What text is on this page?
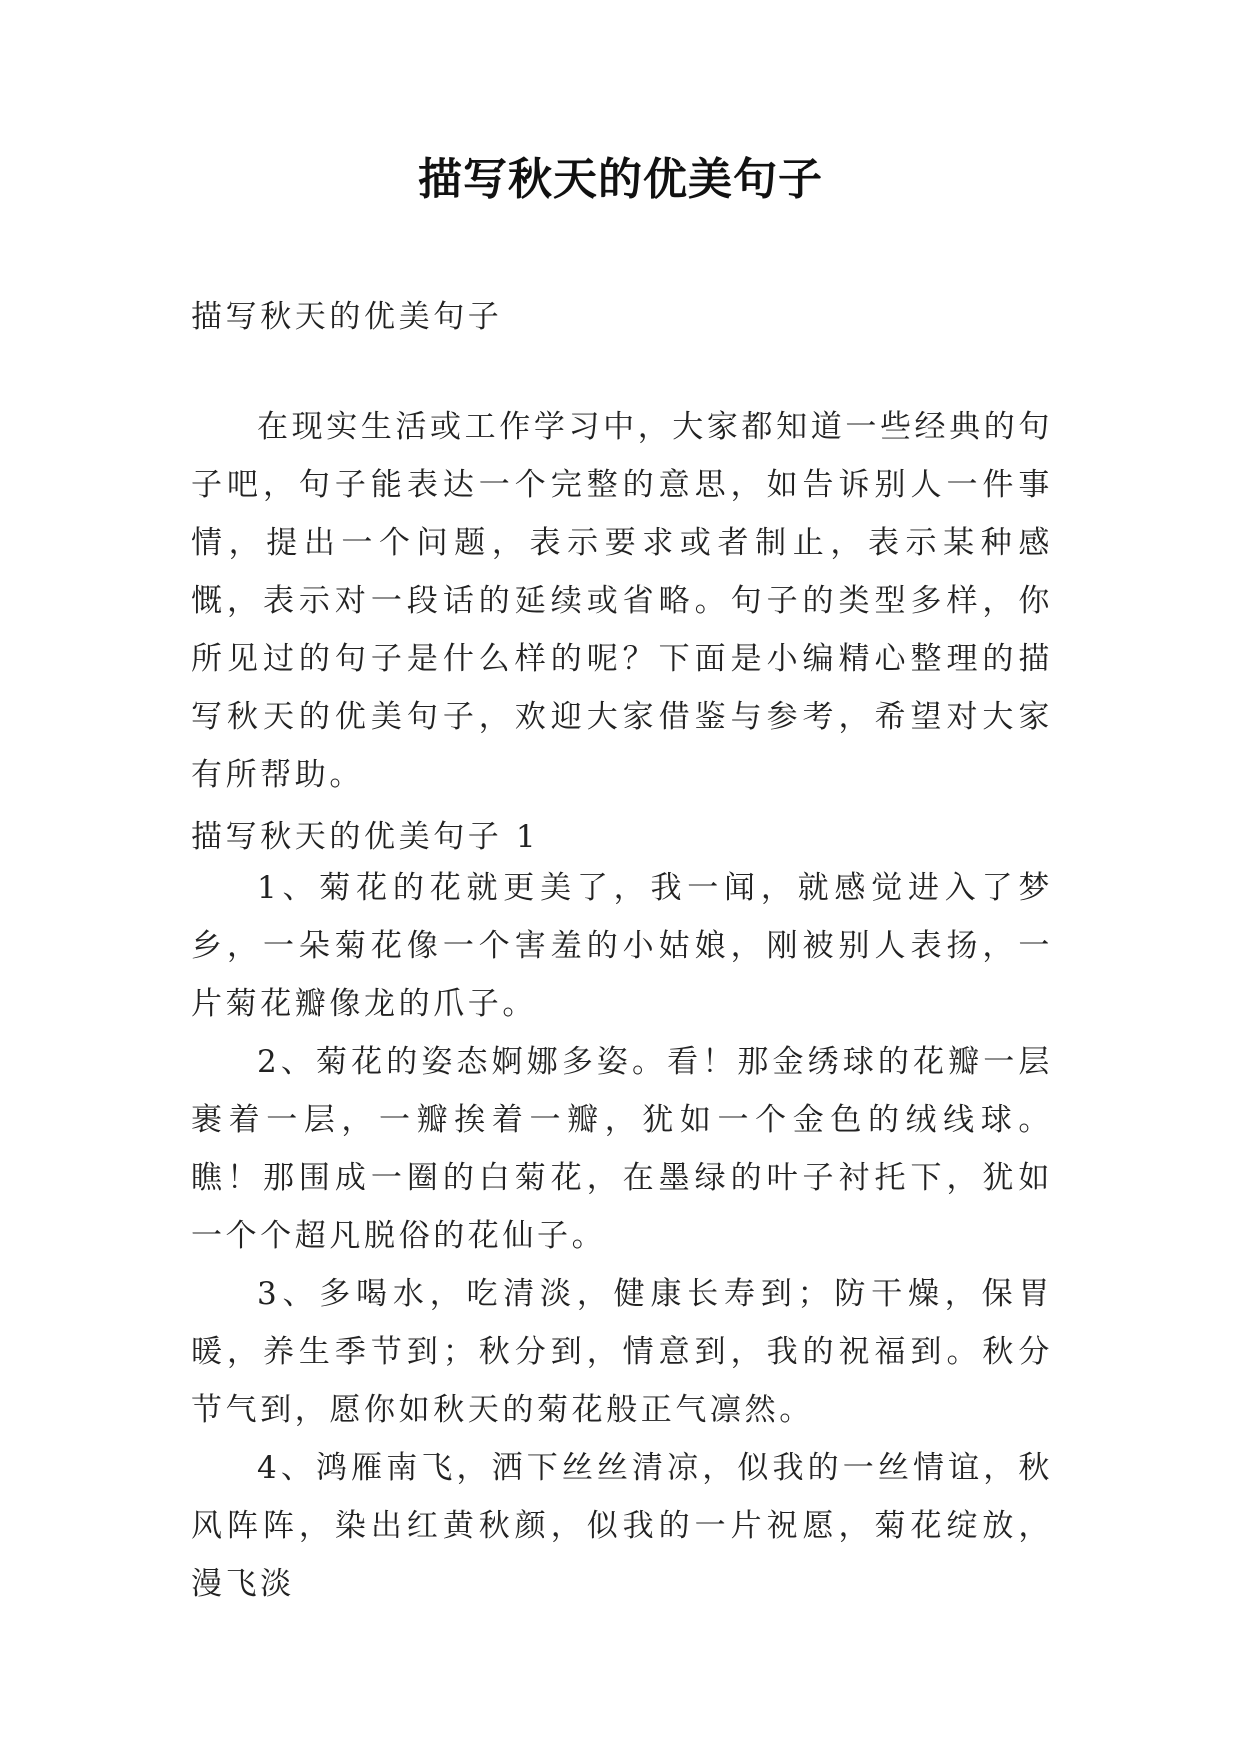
描写秋天的优美句子
描写秋天的优美句子
在现实生活或工作学习中，大家都知道一些经典的句子吧，句子能表达一个完整的意思，如告诉别人一件事情，提出一个问题，表示要求或者制止，表示某种感慨，表示对一段话的延续或省略。句子的类型多样，你所见过的句子是什么样的呢？下面是小编精心整理的描写秋天的优美句子，欢迎大家借鉴与参考，希望对大家有所帮助。
描写秋天的优美句子 1

1、菊花的花就更美了，我一闻，就感觉进入了梦乡，一朵菊花像一个害羞的小姑娘，刚被别人表扬，一片菊花瓣像龙的爪子。

2、菊花的姿态婀娜多姿。看！那金绣球的花瓣一层裹着一层，一瓣挨着一瓣，犹如一个金色的绒线球。瞧！那围成一圈的白菊花，在墨绿的叶子衬托下，犹如一个个超凡脱俗的花仙子。

3、多喝水，吃清淡，健康长寿到；防干燥，保胃暖，养生季节到；秋分到，情意到，我的祝福到。秋分节气到，愿你如秋天的菊花般正气凛然。

4、鸿雁南飞，洒下丝丝清凉，似我的一丝情谊，秋风阵阵，染出红黄秋颜，似我的一片祝愿，菊花绽放，漫飞淡
